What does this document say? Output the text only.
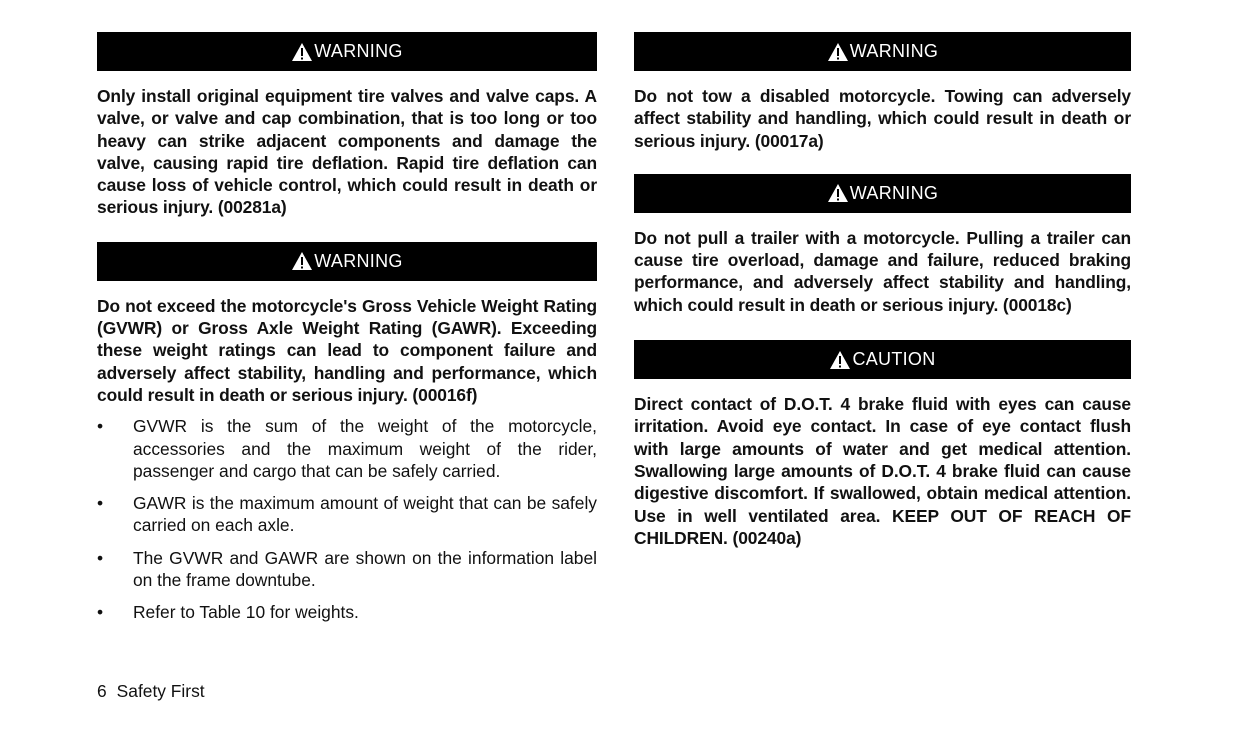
WARNING

Only install original equipment tire valves and valve caps. A valve, or valve and cap combination, that is too long or too heavy can strike adjacent components and damage the valve, causing rapid tire deflation. Rapid tire deflation can cause loss of vehicle control, which could result in death or serious injury. (00281a)

WARNING

Do not exceed the motorcycle's Gross Vehicle Weight Rating (GVWR) or Gross Axle Weight Rating (GAWR). Exceeding these weight ratings can lead to component failure and adversely affect stability, handling and performance, which could result in death or serious injury. (00016f)

• GVWR is the sum of the weight of the motorcycle, accessories and the maximum weight of the rider, passenger and cargo that can be safely carried.
• GAWR is the maximum amount of weight that can be safely carried on each axle.
• The GVWR and GAWR are shown on the information label on the frame downtube.
• Refer to Table 10 for weights.
WARNING

Do not tow a disabled motorcycle. Towing can adversely affect stability and handling, which could result in death or serious injury. (00017a)

WARNING

Do not pull a trailer with a motorcycle. Pulling a trailer can cause tire overload, damage and failure, reduced braking performance, and adversely affect stability and handling, which could result in death or serious injury. (00018c)

CAUTION

Direct contact of D.O.T. 4 brake fluid with eyes can cause irritation. Avoid eye contact. In case of eye contact flush with large amounts of water and get medical attention. Swallowing large amounts of D.O.T. 4 brake fluid can cause digestive discomfort. If swallowed, obtain medical attention. Use in well ventilated area. KEEP OUT OF REACH OF CHILDREN. (00240a)

6 Safety First
